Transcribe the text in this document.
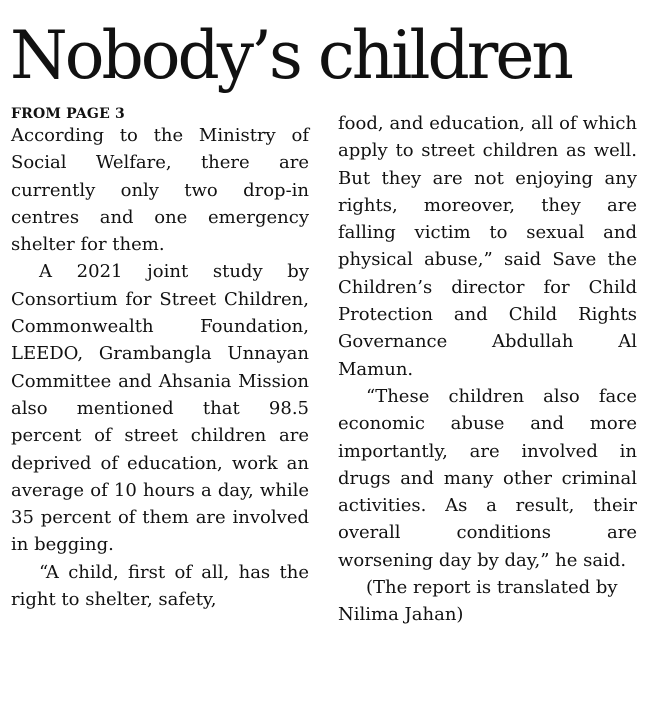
Nobody’s children
FROM PAGE 3

According to the Ministry of Social Welfare, there are currently only two drop-in centres and one emergency shelter for them.

A 2021 joint study by Consortium for Street Children, Commonwealth Foundation, LEEDO, Grambangla Unnayan Committee and Ahsania Mission also mentioned that 98.5 percent of street children are deprived of education, work an average of 10 hours a day, while 35 percent of them are involved in begging.

“A child, first of all, has the right to shelter, safety,

food, and education, all of which apply to street children as well. But they are not enjoying any rights, moreover, they are falling victim to sexual and physical abuse,” said Save the Children’s director for Child Protection and Child Rights Governance Abdullah Al Mamun.

“These children also face economic abuse and more importantly, are involved in drugs and many other criminal activities. As a result, their overall conditions are worsening day by day,” he said.

(The report is translated by Nilima Jahan)
